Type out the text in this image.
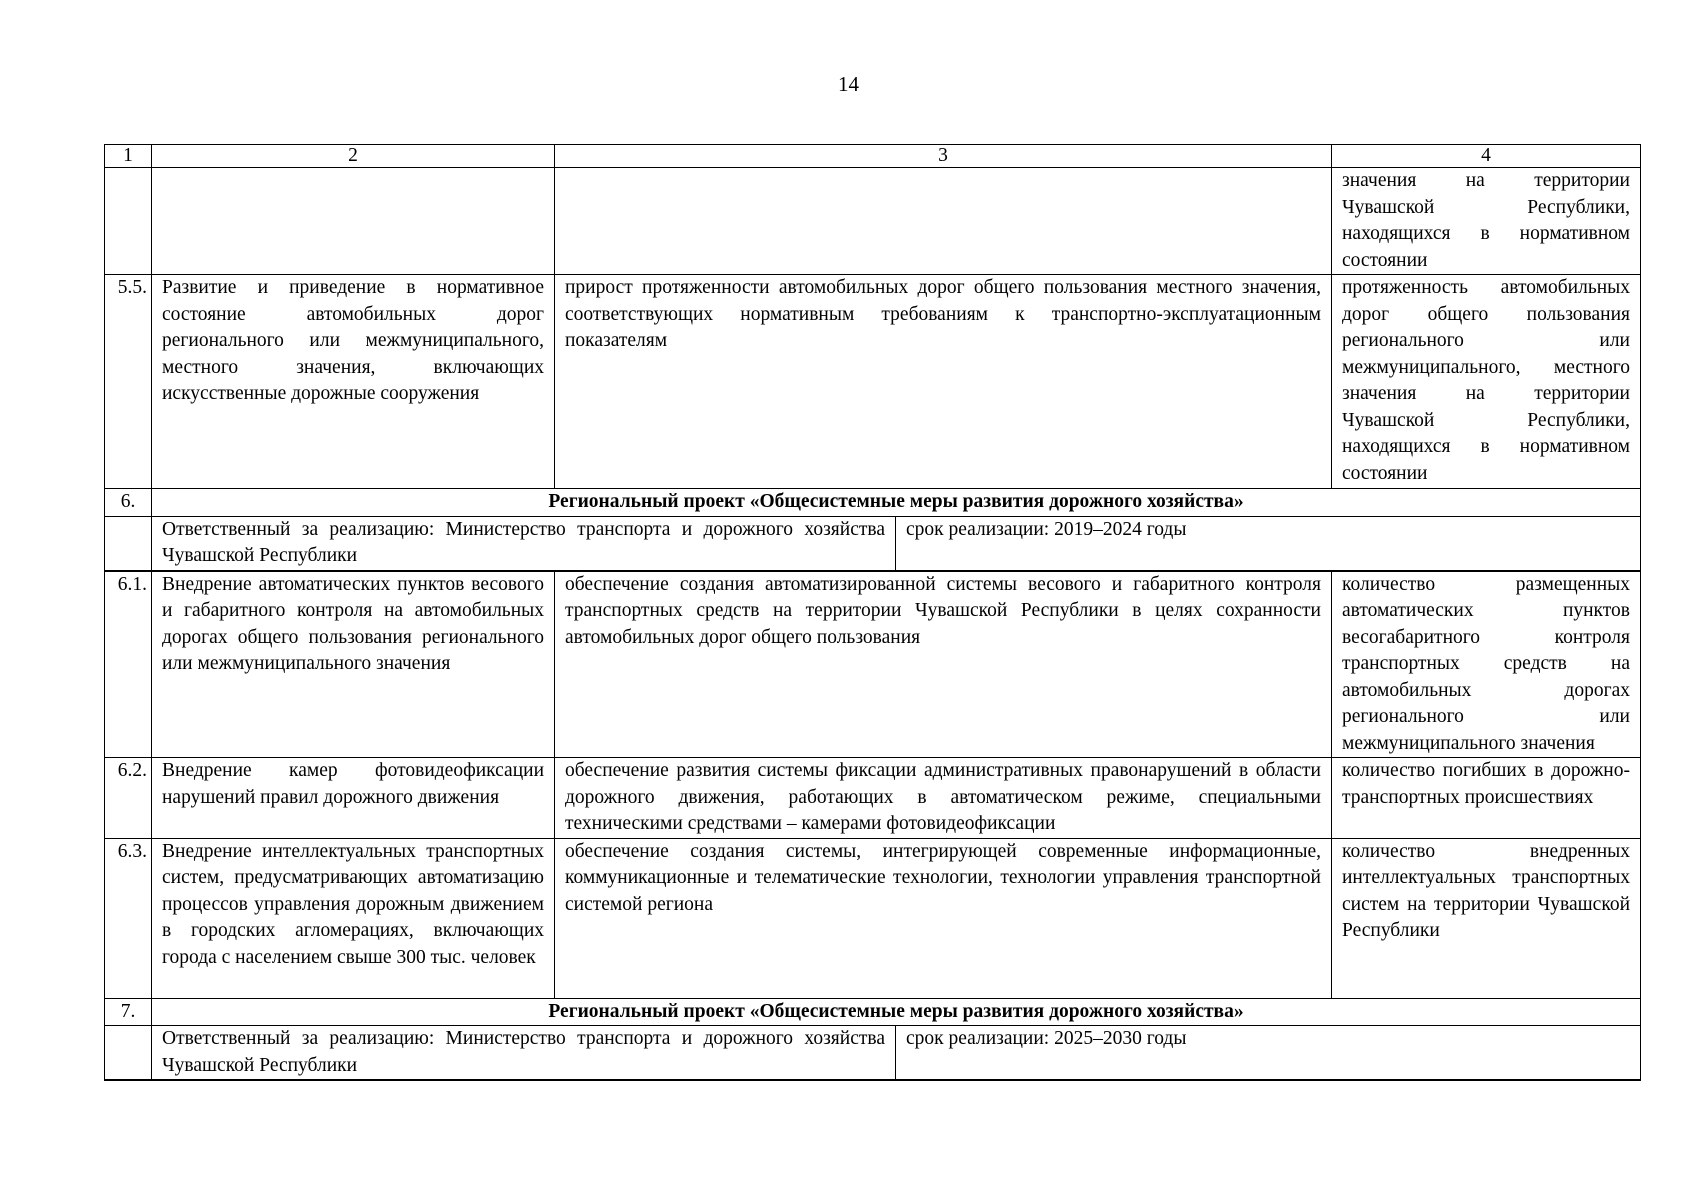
14
1	2	3		4
				значения на территории Чувашской Республики, находящихся в нормативном состоянии
5.5.	Развитие и приведение в нормативное состояние автомобильных дорог регионального или межмуниципального, местного значения, включающих искусственные дорожные сооружения	прирост протяженности автомобильных дорог общего пользования местного значения, соответствующих нормативным требованиям к транспортно-эксплуатационным показателям		протяженность автомобильных дорог общего пользования регионального или межмуниципального, местного значения на территории Чувашской Республики, находящихся в нормативном состоянии
6.	Региональный проект «Общесистемные меры развития дорожного хозяйства»			
	Ответственный за реализацию: Министерство транспорта и дорожного хозяйства Чувашской Республики		срок реализации: 2019–2024 годы	
6.1.	Внедрение автоматических пунктов весового и габаритного контроля на автомобильных дорогах общего пользования регионального или межмуниципального значения	обеспечение создания автоматизированной системы весового и габаритного контроля транспортных средств на территории Чувашской Республики в целях сохранности автомобильных дорог общего пользования		количество размещенных автоматических пунктов весогабаритного контроля транспортных средств на автомобильных дорогах регионального или межмуниципального значения
6.2.	Внедрение камер фотовидеофиксации нарушений правил дорожного движения	обеспечение развития системы фиксации административных правонарушений в области дорожного движения, работающих в автоматическом режиме, специальными техническими средствами – камерами фотовидеофиксации		количество погибших в дорожно-транспортных происшествиях
6.3.	Внедрение интеллектуальных транспортных систем, предусматривающих автоматизацию процессов управления дорожным движением в городских агломерациях, включающих города с населением свыше 300 тыс. человек	обеспечение создания системы, интегрирующей современные информационные, коммуникационные и телематические технологии, технологии управления транспортной системой региона		количество внедренных интеллектуальных транспортных систем на территории Чувашской Республики
7.	Региональный проект «Общесистемные меры развития дорожного хозяйства»			
	Ответственный за реализацию: Министерство транспорта и дорожного хозяйства Чувашской Республики		срок реализации: 2025–2030 годы	
